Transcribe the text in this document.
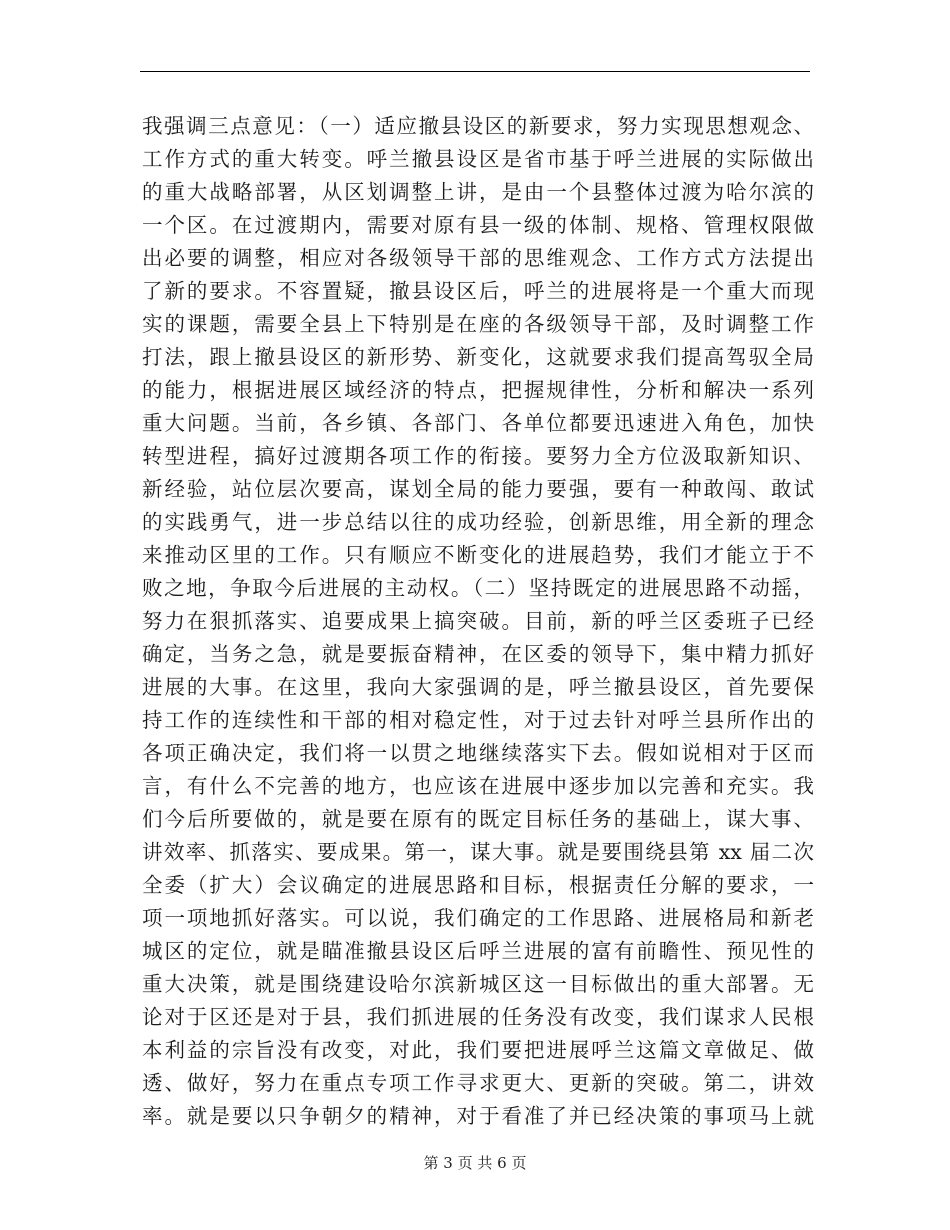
我强调三点意见：（一）适应撤县设区的新要求，努力实现思想观念、
工作方式的重大转变。呼兰撤县设区是省市基于呼兰进展的实际做出
的重大战略部署，从区划调整上讲，是由一个县整体过渡为哈尔滨的
一个区。在过渡期内，需要对原有县一级的体制、规格、管理权限做
出必要的调整，相应对各级领导干部的思维观念、工作方式方法提出
了新的要求。不容置疑，撤县设区后，呼兰的进展将是一个重大而现
实的课题，需要全县上下特别是在座的各级领导干部，及时调整工作
打法，跟上撤县设区的新形势、新变化，这就要求我们提高驾驭全局
的能力，根据进展区域经济的特点，把握规律性，分析和解决一系列
重大问题。当前，各乡镇、各部门、各单位都要迅速进入角色，加快
转型进程，搞好过渡期各项工作的衔接。要努力全方位汲取新知识、
新经验，站位层次要高，谋划全局的能力要强，要有一种敢闯、敢试
的实践勇气，进一步总结以往的成功经验，创新思维，用全新的理念
来推动区里的工作。只有顺应不断变化的进展趋势，我们才能立于不
败之地，争取今后进展的主动权。（二）坚持既定的进展思路不动摇，
努力在狠抓落实、追要成果上搞突破。目前，新的呼兰区委班子已经
确定，当务之急，就是要振奋精神，在区委的领导下，集中精力抓好
进展的大事。在这里，我向大家强调的是，呼兰撤县设区，首先要保
持工作的连续性和干部的相对稳定性，对于过去针对呼兰县所作出的
各项正确决定，我们将一以贯之地继续落实下去。假如说相对于区而
言，有什么不完善的地方，也应该在进展中逐步加以完善和充实。我
们今后所要做的，就是要在原有的既定目标任务的基础上，谋大事、
讲效率、抓落实、要成果。第一，谋大事。就是要围绕县第 xx 届二次
全委（扩大）会议确定的进展思路和目标，根据责任分解的要求，一
项一项地抓好落实。可以说，我们确定的工作思路、进展格局和新老
城区的定位，就是瞄准撤县设区后呼兰进展的富有前瞻性、预见性的
重大决策，就是围绕建设哈尔滨新城区这一目标做出的重大部署。无
论对于区还是对于县，我们抓进展的任务没有改变，我们谋求人民根
本利益的宗旨没有改变，对此，我们要把进展呼兰这篇文章做足、做
透、做好，努力在重点专项工作寻求更大、更新的突破。第二，讲效
率。就是要以只争朝夕的精神，对于看准了并已经决策的事项马上就
第 3 页 共 6 页
